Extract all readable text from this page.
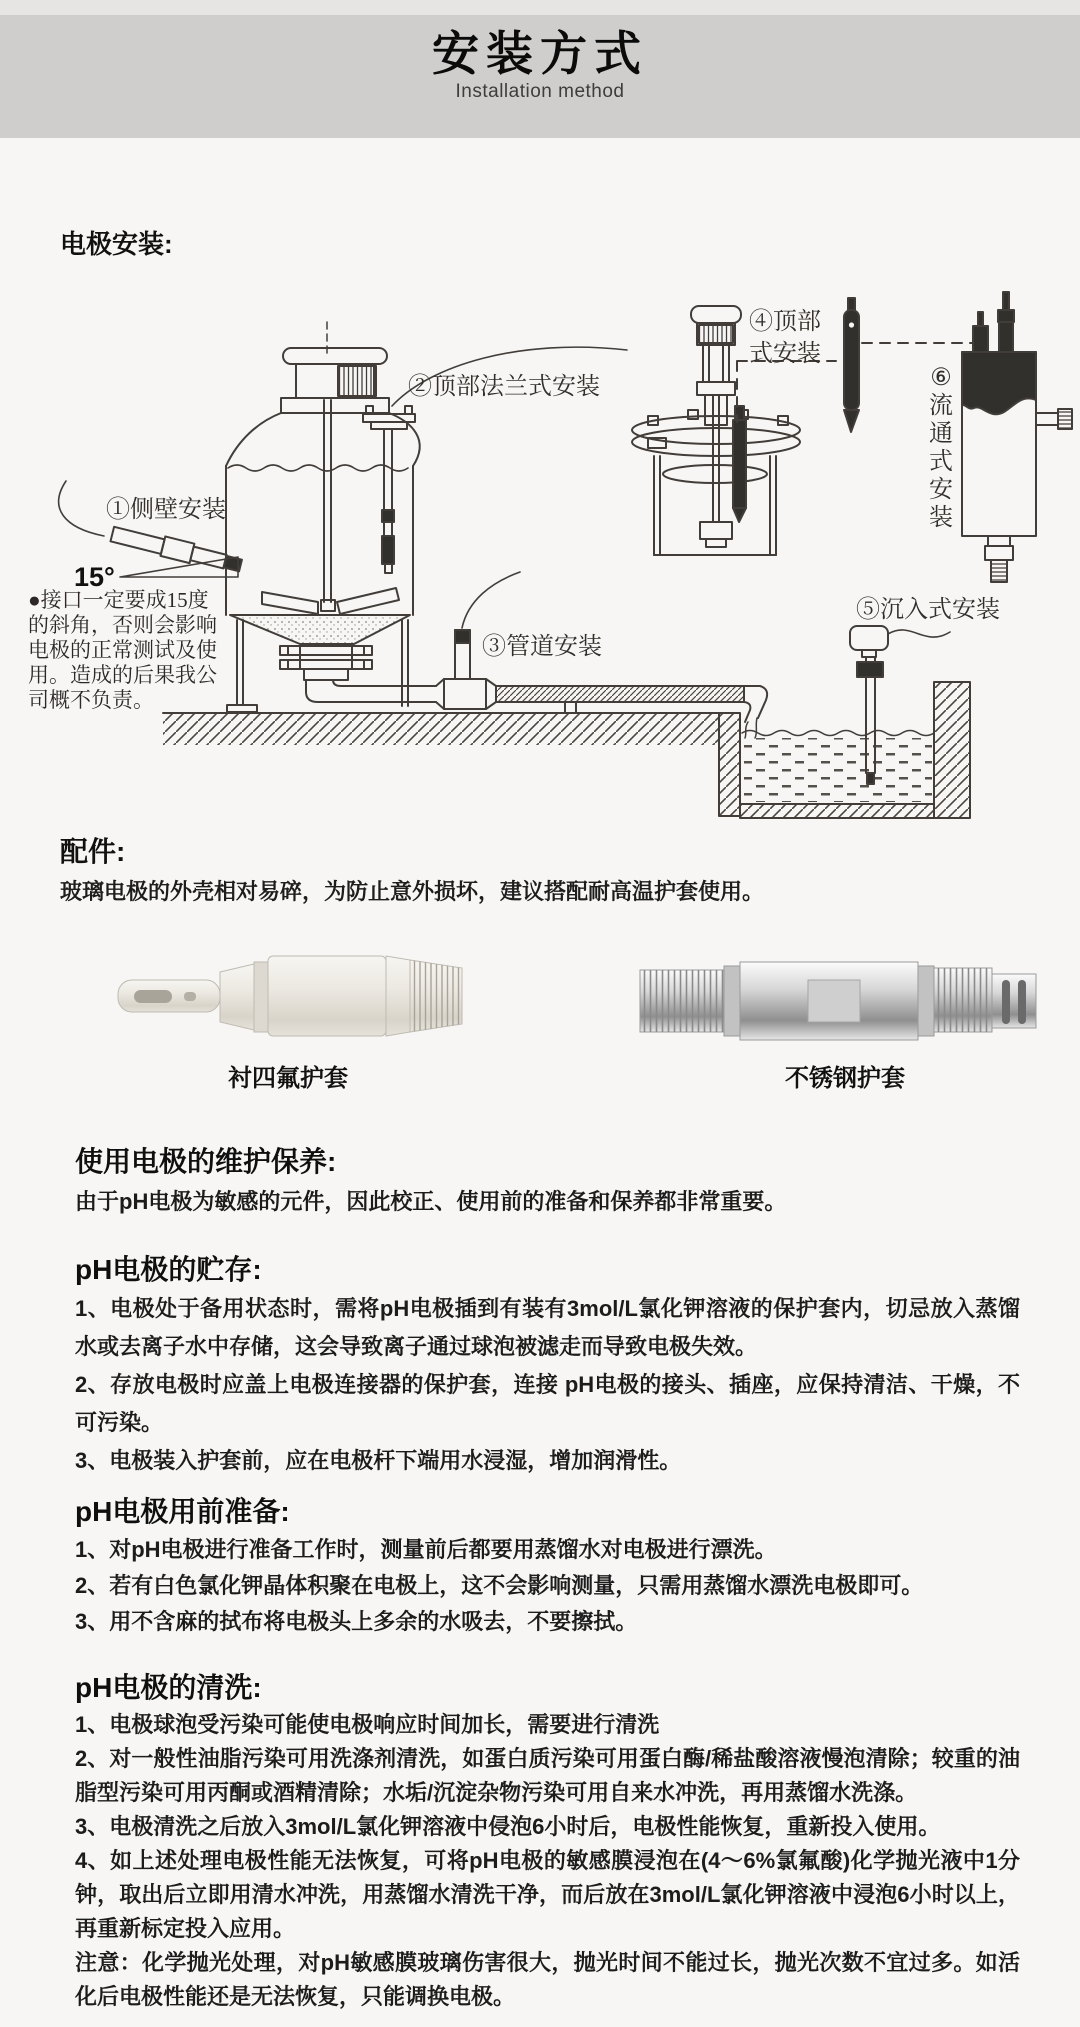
安装方式
Installation method
电极安装:
①侧壁安装
15°
②顶部法兰式安装
③管道安装
④顶部
式安装
⑤沉入式安装
⑥
流
通
式
安
装
●接口一定要成15度
的斜角，否则会影响
电极的正常测试及使
用。造成的后果我公
司概不负责。
配件:
玻璃电极的外壳相对易碎，为防止意外损坏，建议搭配耐高温护套使用。
衬四氟护套	不锈钢护套
使用电极的维护保养:
由于pH电极为敏感的元件，因此校正、使用前的准备和保养都非常重要。
pH电极的贮存:
1、电极处于备用状态时，需将pH电极插到有装有3mol/L氯化钾溶液的保护套内，切忌放入蒸馏水或去离子水中存储，这会导致离子通过球泡被滤走而导致电极失效。
2、存放电极时应盖上电极连接器的保护套，连接 pH电极的接头、插座，应保持清洁、干燥，不可污染。
3、电极装入护套前，应在电极杆下端用水浸湿，增加润滑性。
pH电极用前准备:
1、对pH电极进行准备工作时，测量前后都要用蒸馏水对电极进行漂洗。
2、若有白色氯化钾晶体积聚在电极上，这不会影响测量，只需用蒸馏水漂洗电极即可。
3、用不含麻的拭布将电极头上多余的水吸去，不要擦拭。
pH电极的清洗:
1、电极球泡受污染可能使电极响应时间加长，需要进行清洗
2、对一般性油脂污染可用洗涤剂清洗，如蛋白质污染可用蛋白酶/稀盐酸溶液慢泡清除；较重的油脂型污染可用丙酮或酒精清除；水垢/沉淀杂物污染可用自来水冲洗，再用蒸馏水洗涤。
3、电极清洗之后放入3mol/L氯化钾溶液中侵泡6小时后，电极性能恢复，重新投入使用。
4、如上述处理电极性能无法恢复，可将pH电极的敏感膜浸泡在(4～6%氯氟酸)化学抛光液中1分钟，取出后立即用清水冲洗，用蒸馏水清洗干净，而后放在3mol/L氯化钾溶液中浸泡6小时以上，再重新标定投入应用。
注意：化学抛光处理，对pH敏感膜玻璃伤害很大，抛光时间不能过长，抛光次数不宜过多。如活化后电极性能还是无法恢复，只能调换电极。
